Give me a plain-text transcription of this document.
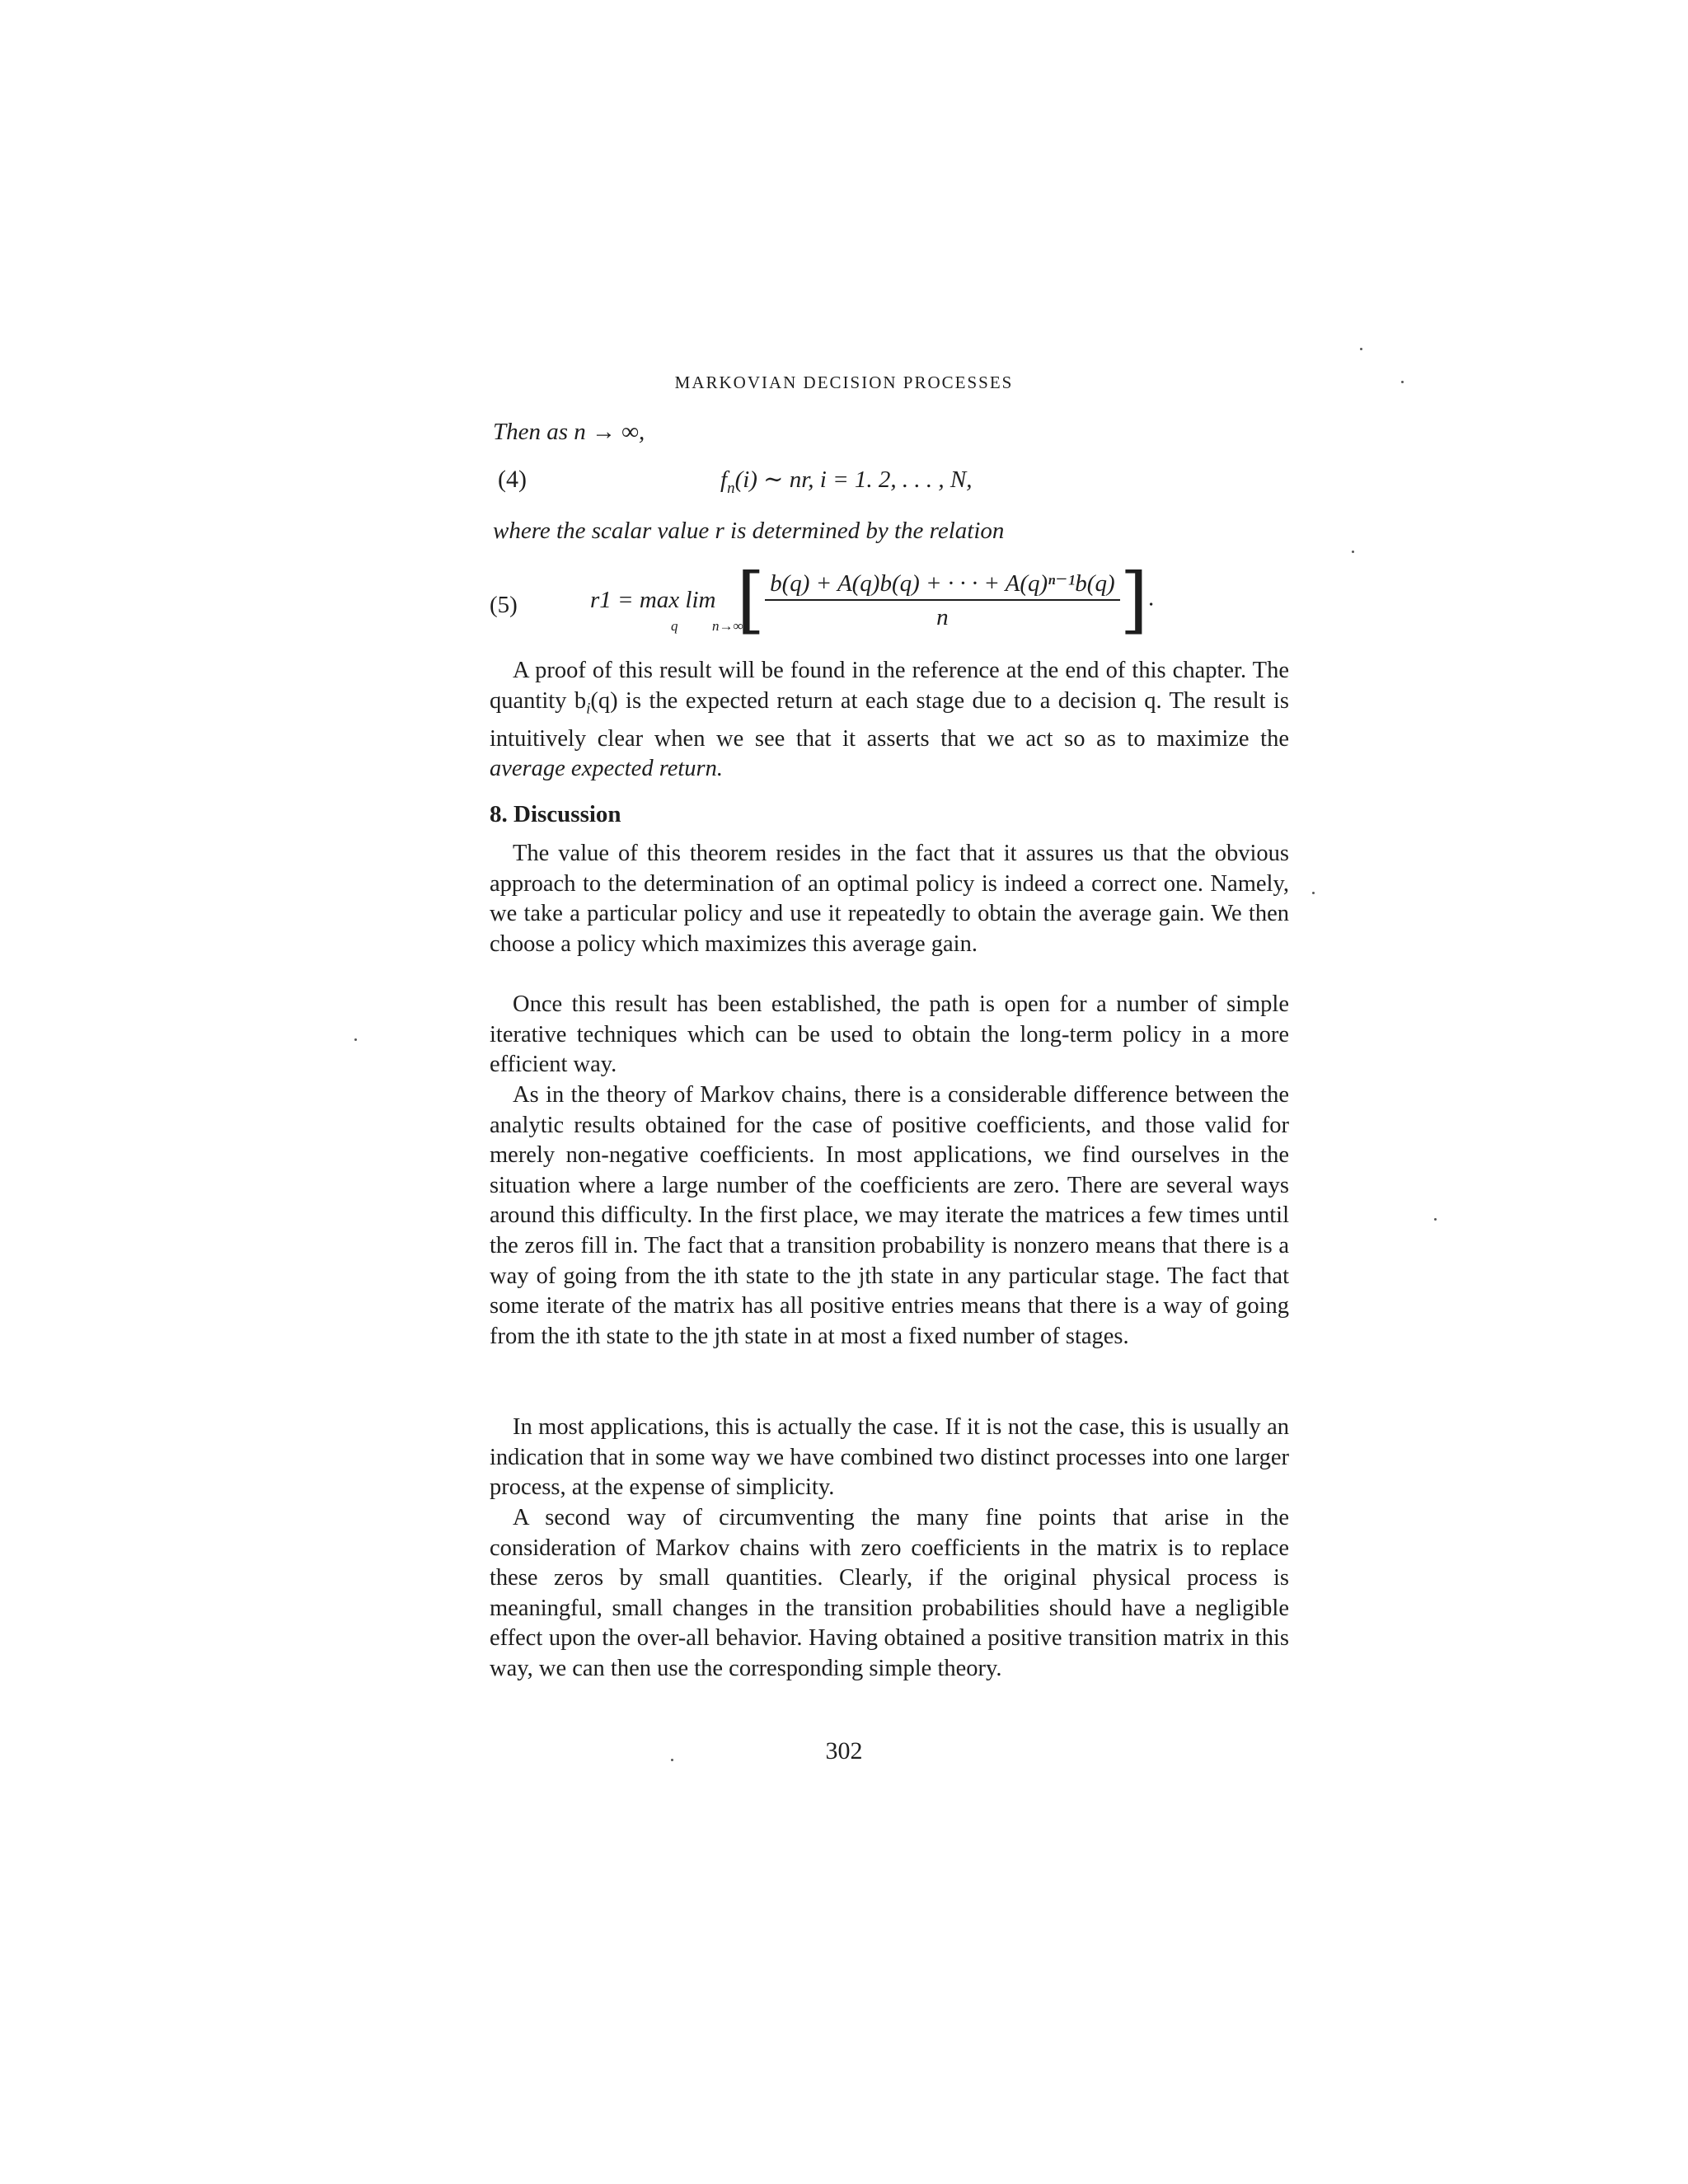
MARKOVIAN DECISION PROCESSES
Then as n → ∞,
(4)	$f_n(i)$ ∼ nr, i = 1. 2, . . . , N,
where the scalar value r is determined by the relation
(5)	r1 = max lim
q n→∞
[ $\frac{\text{b(q) + A(q)b(q) + · · · + A(q)ⁿ⁻¹b(q)}}{n}$ ].
A proof of this result will be found in the reference at the end of this chapter. The quantity $b_i(q)$ is the expected return at each stage due to a decision q. The result is intuitively clear when we see that it asserts that we act so as to maximize the average expected return.
8. Discussion
The value of this theorem resides in the fact that it assures us that the obvious approach to the determination of an optimal policy is indeed a correct one. Namely, we take a particular policy and use it repeatedly to obtain the average gain. We then choose a policy which maximizes this average gain.
Once this result has been established, the path is open for a number of simple iterative techniques which can be used to obtain the long-term policy in a more efficient way.
As in the theory of Markov chains, there is a considerable difference between the analytic results obtained for the case of positive coefficients, and those valid for merely non-negative coefficients. In most applications, we find ourselves in the situation where a large number of the coefficients are zero. There are several ways around this difficulty. In the first place, we may iterate the matrices a few times until the zeros fill in. The fact that a transition probability is nonzero means that there is a way of going from the ith state to the jth state in any particular stage. The fact that some iterate of the matrix has all positive entries means that there is a way of going from the ith state to the jth state in at most a fixed number of stages.
In most applications, this is actually the case. If it is not the case, this is usually an indication that in some way we have combined two distinct processes into one larger process, at the expense of simplicity.
A second way of circumventing the many fine points that arise in the consideration of Markov chains with zero coefficients in the matrix is to replace these zeros by small quantities. Clearly, if the original physical process is meaningful, small changes in the transition probabilities should have a negligible effect upon the over-all behavior. Having obtained a positive transition matrix in this way, we can then use the corresponding simple theory.
302
